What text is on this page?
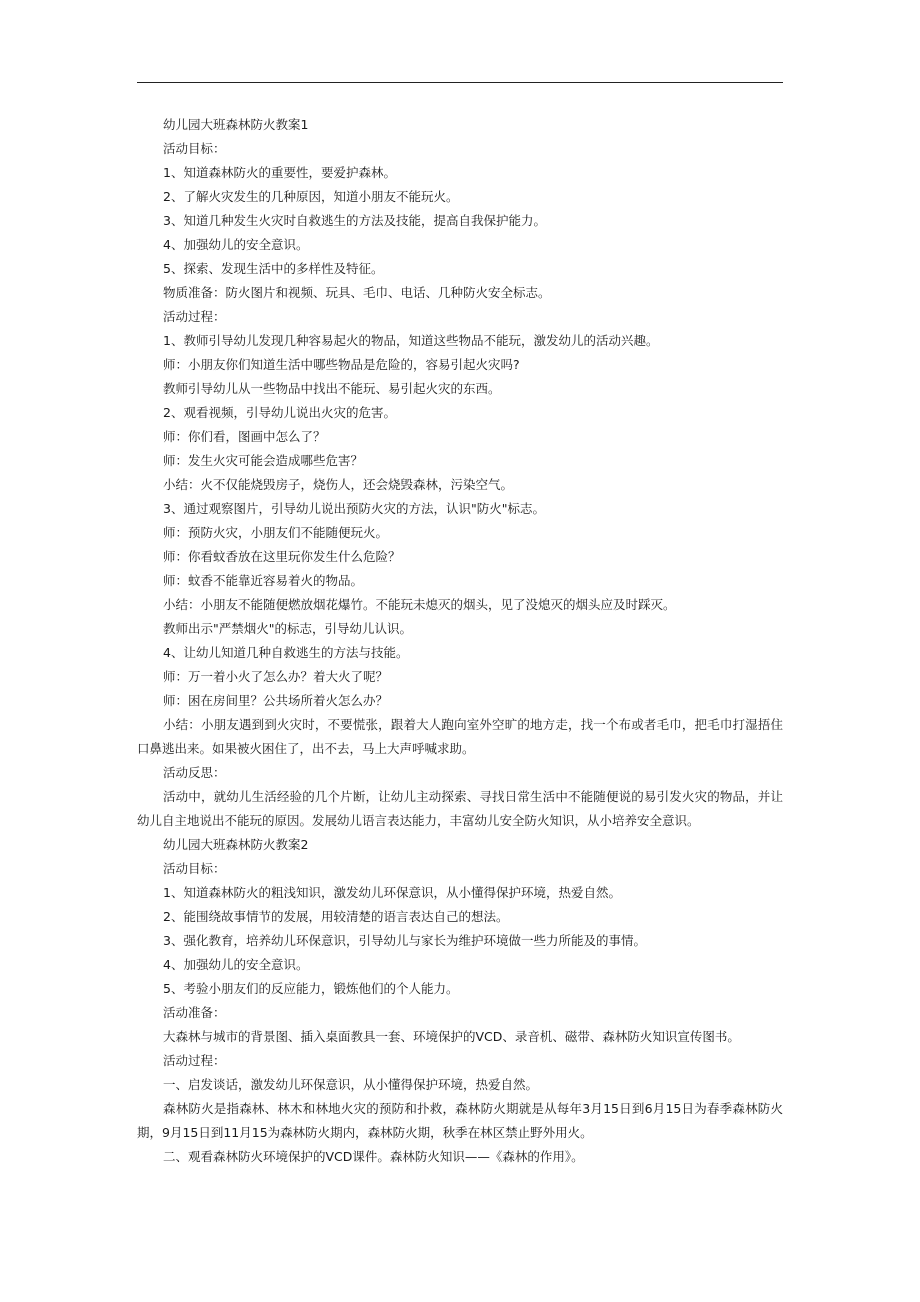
幼儿园大班森林防火教案1
活动目标：
1、知道森林防火的重要性，要爱护森林。
2、了解火灾发生的几种原因，知道小朋友不能玩火。
3、知道几种发生火灾时自救逃生的方法及技能，提高自我保护能力。
4、加强幼儿的安全意识。
5、探索、发现生活中的多样性及特征。
物质准备：防火图片和视频、玩具、毛巾、电话、几种防火安全标志。
活动过程：
1、教师引导幼儿发现几种容易起火的物品，知道这些物品不能玩，激发幼儿的活动兴趣。
师：小朋友你们知道生活中哪些物品是危险的，容易引起火灾吗?
教师引导幼儿从一些物品中找出不能玩、易引起火灾的东西。
2、观看视频，引导幼儿说出火灾的危害。
师：你们看，图画中怎么了？
师：发生火灾可能会造成哪些危害？
小结：火不仅能烧毁房子，烧伤人，还会烧毁森林，污染空气。
3、通过观察图片，引导幼儿说出预防火灾的方法，认识"防火"标志。
师：预防火灾，小朋友们不能随便玩火。
师：你看蚊香放在这里玩你发生什么危险？
师：蚊香不能靠近容易着火的物品。
小结：小朋友不能随便燃放烟花爆竹。不能玩未熄灭的烟头，见了没熄灭的烟头应及时踩灭。
教师出示"严禁烟火"的标志，引导幼儿认识。
4、让幼儿知道几种自救逃生的方法与技能。
师：万一着小火了怎么办？着大火了呢？
师：困在房间里？公共场所着火怎么办？
小结：小朋友遇到到火灾时，不要慌张，跟着大人跑向室外空旷的地方走，找一个布或者毛巾，把毛巾打湿捂住口鼻逃出来。如果被火困住了，出不去，马上大声呼喊求助。
活动反思：
活动中，就幼儿生活经验的几个片断，让幼儿主动探索、寻找日常生活中不能随便说的易引发火灾的物品，并让幼儿自主地说出不能玩的原因。发展幼儿语言表达能力，丰富幼儿安全防火知识，从小培养安全意识。
幼儿园大班森林防火教案2
活动目标：
1、知道森林防火的粗浅知识，激发幼儿环保意识，从小懂得保护环境，热爱自然。
2、能围绕故事情节的发展，用较清楚的语言表达自己的想法。
3、强化教育，培养幼儿环保意识，引导幼儿与家长为维护环境做一些力所能及的事情。
4、加强幼儿的安全意识。
5、考验小朋友们的反应能力，锻炼他们的个人能力。
活动准备：
大森林与城市的背景图、插入桌面教具一套、环境保护的VCD、录音机、磁带、森林防火知识宣传图书。
活动过程：
一、启发谈话，激发幼儿环保意识，从小懂得保护环境，热爱自然。
森林防火是指森林、林木和林地火灾的预防和扑救，森林防火期就是从每年3月15日到6月15日为春季森林防火期，9月15日到11月15为森林防火期内，森林防火期，秋季在林区禁止野外用火。
二、观看森林防火环境保护的VCD课件。森林防火知识——《森林的作用》。
